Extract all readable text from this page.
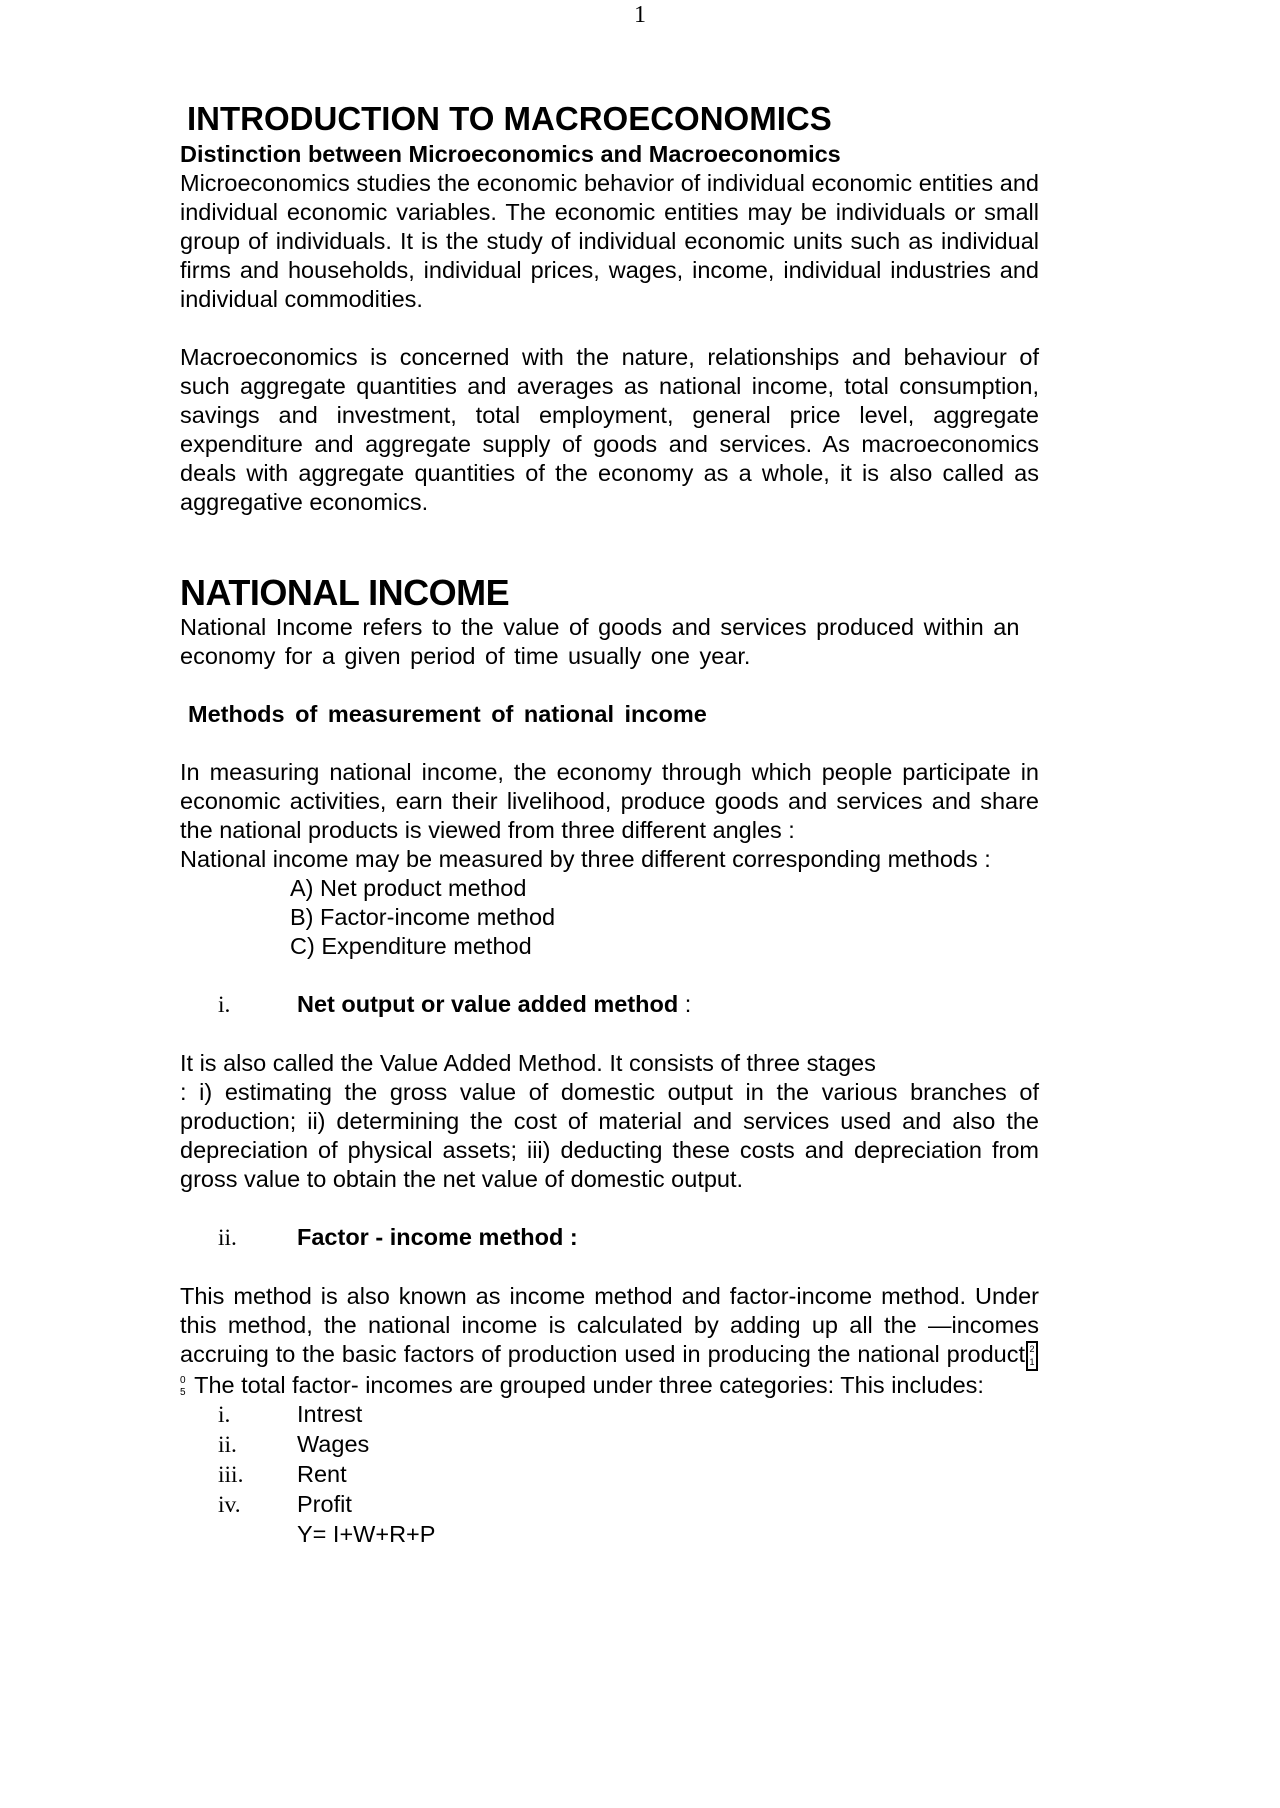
1
INTRODUCTION TO MACROECONOMICS
Distinction between Microeconomics and Macroeconomics

Microeconomics studies the economic behavior of individual economic entities and individual economic variables. The economic entities may be individuals or small group of individuals. It is the study of individual economic units such as individual firms and households, individual prices, wages, income, individual industries and individual commodities.

Macroeconomics is concerned with the nature, relationships and behaviour of such aggregate quantities and averages as national income, total consumption, savings and investment, total employment, general price level, aggregate expenditure and aggregate supply of goods and services. As macroeconomics deals with aggregate quantities of the economy as a whole, it is also called as aggregative economics.

NATIONAL INCOME

National Income refers to the value of goods and services produced within an economy for a given period of time usually one year.

Methods of measurement of national income

In measuring national income, the economy through which people participate in economic activities, earn their livelihood, produce goods and services and share the national products is viewed from three different angles :

National income may be measured by three different corresponding methods :

A) Net product method
B) Factor-income method
C) Expenditure method
i.	Net output or value added method :

It is also called the Value Added Method. It consists of three stages

: i) estimating the gross value of domestic output in the various branches of production; ii) determining the cost of material and services used and also the depreciation of physical assets; iii) deducting these costs and depreciation from gross value to obtain the net value of domestic output.

ii.	Factor - income method :

This method is also known as income method and factor-income method. Under this method, the national income is calculated by adding up all the ―incomes accruing to the basic factors of production used in producing the national product 2
10
5 The total factor- incomes are grouped under three categories: This includes:

i.	Intrest
ii.	Wages
iii.	Rent
iv.	Profit
Y= I+W+R+P
